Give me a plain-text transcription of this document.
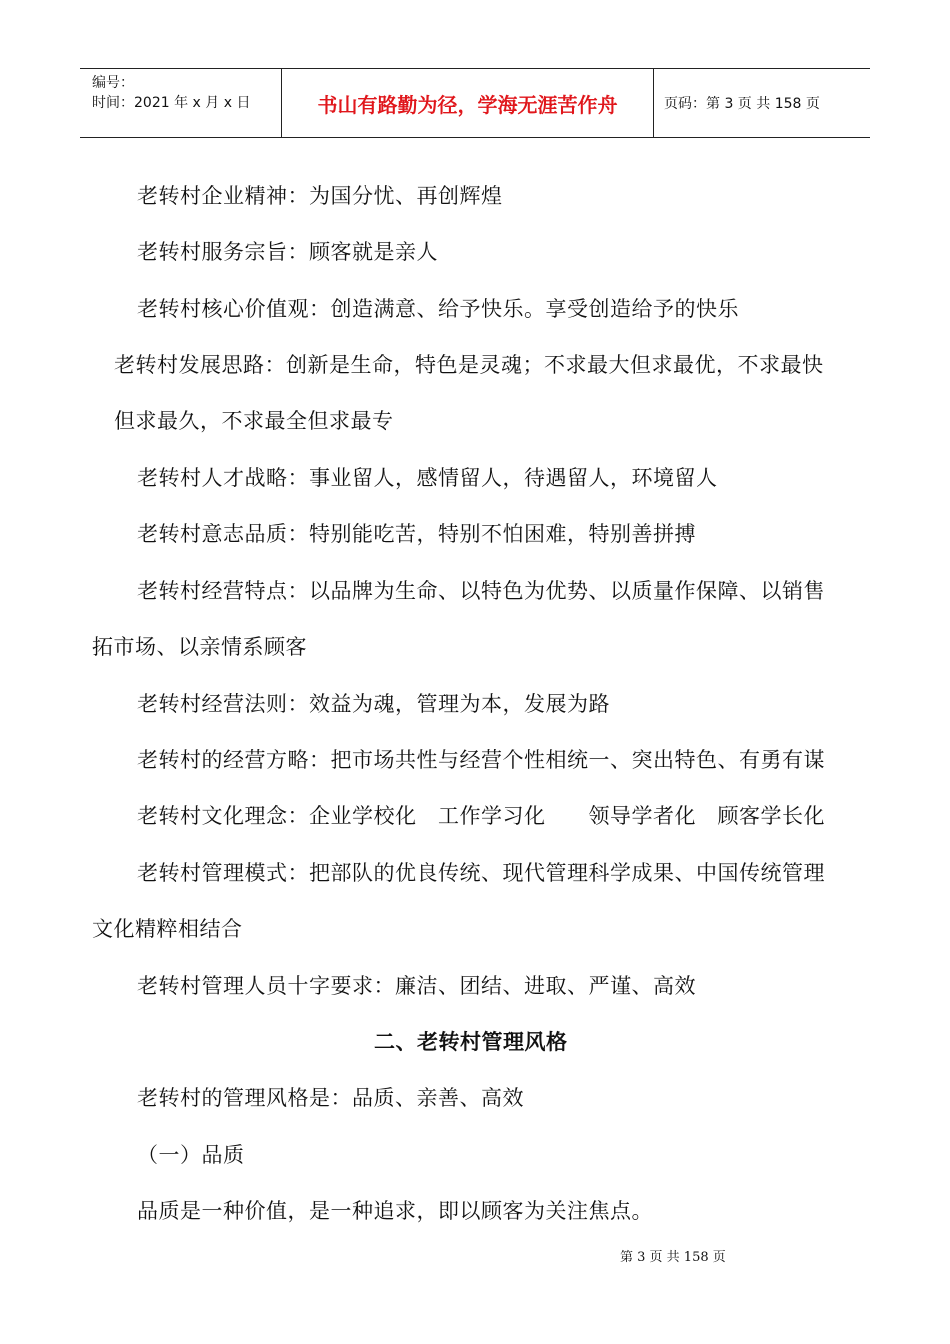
编号：
时间：2021 年 x 月 x 日	书山有路勤为径，学海无涯苦作舟	页码：第 3 页 共 158 页
老转村企业精神：为国分忧、再创辉煌
老转村服务宗旨：顾客就是亲人
老转村核心价值观：创造满意、给予快乐。享受创造给予的快乐
老转村发展思路：创新是生命，特色是灵魂；不求最大但求最优，不求最快
但求最久，不求最全但求最专
老转村人才战略：事业留人，感情留人，待遇留人，环境留人
老转村意志品质：特别能吃苦，特别不怕困难，特别善拼搏
老转村经营特点：以品牌为生命、以特色为优势、以质量作保障、以销售
拓市场、以亲情系顾客
老转村经营法则：效益为魂，管理为本，发展为路
老转村的经营方略：把市场共性与经营个性相统一、突出特色、有勇有谋
老转村文化理念：企业学校化　工作学习化　　领导学者化　顾客学长化
老转村管理模式：把部队的优良传统、现代管理科学成果、中国传统管理
文化精粹相结合
老转村管理人员十字要求：廉洁、团结、进取、严谨、高效
二、老转村管理风格
老转村的管理风格是：品质、亲善、高效
（一）品质
品质是一种价值，是一种追求，即以顾客为关注焦点。
第 3 页 共 158 页
